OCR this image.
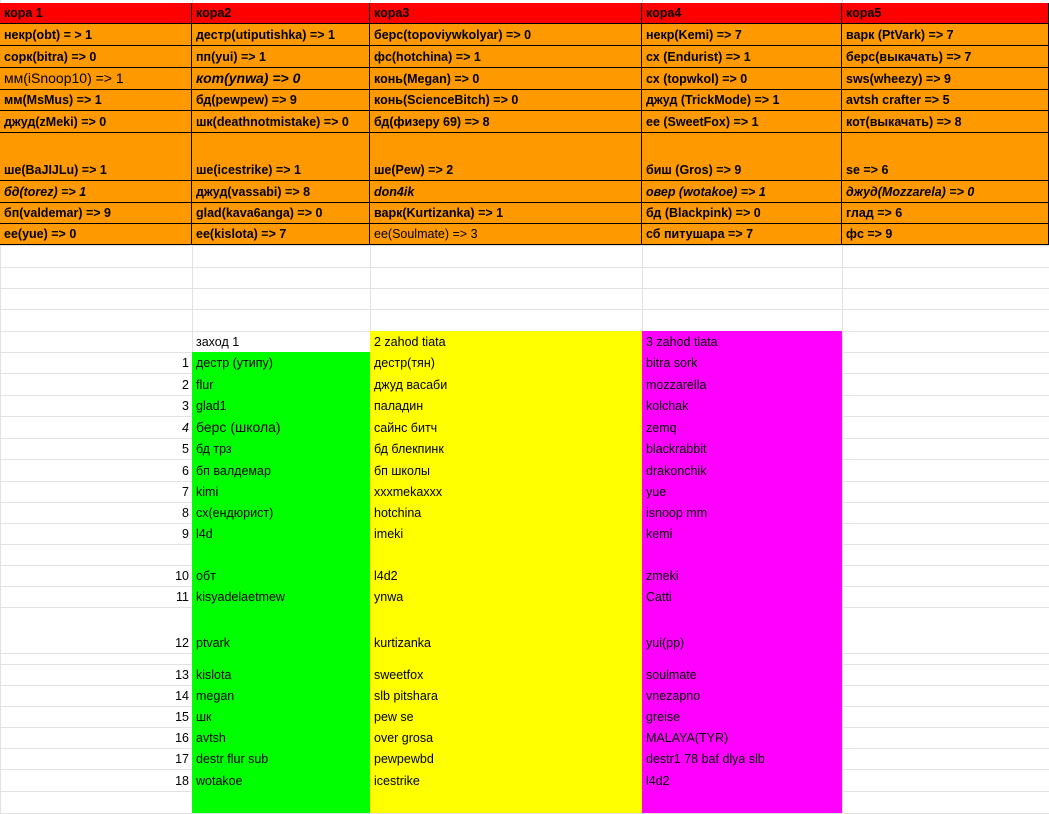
кора 1	кора2	кора3	кора4	кора5
некр(obt) = > 1	дестр(utiputishka) => 1	берс(topoviywkolyar) => 0	некр(Kemi) => 7	варк (PtVark) => 7
сорк(bitra) => 0	пп(yui) => 1	фс(hotchina) => 1	сх (Endurist) => 1	берс(выкачать) => 7
мм(iSnoop10) => 1	кот(ynwa) => 0	конь(Megan) => 0	сх (topwkol) => 0	sws(wheezy) => 9
мм(MsMus) => 1	бд(pewpew) => 9	конь(ScienceBitch) => 0	джуд (TrickMode) => 1	avtsh crafter => 5
джуд(zMeki) => 0	шк(deathnotmistake) => 0	бд(физеру 69) => 8	ее (SweetFox) => 1	кот(выкачать) => 8
ше(BaJIJLu) => 1	ше(icestrike) => 1	ше(Pew) => 2	биш (Gros) => 9	se => 6
бд(torez) => 1	джуд(vassabi) => 8	don4ik	овер (wotakoe) => 1	джуд(Mozzarela) => 0
бп(valdemar) => 9	glad(kava6anga) => 0	варк(Kurtizanka) => 1	бд (Blackpink) => 0	глад => 6
ее(yue) => 0	ее(kislota) => 7	ее(Soulmate) => 3	сб питушара => 7	фс => 9
заход 1	2 zahod tiata	3 zahod tiata
1 дестр (утипу)	дестр(тян)	bitra sork
2 flur	джуд васаби	mozzarella
3 glad1	паладин	kolchak
4 берс (школа)	сайнс битч	zemq
5 бд трз	бд блекпинк	blackrabbit
6 бп валдемар	бп школы	drakonchik
7 kimi	xxxmekaxxx	yue
8 сх(ендюрист)	hotchina	isnoop mm
9 l4d	imeki	kemi
10 обт	l4d2	zmeki
11 kisyadelaetmew	ynwa	Catti
12 ptvark	kurtizanka	yui(pp)
13 kislota	sweetfox	soulmate
14 megan	slb pitshara	vnezapno
15 шк	pew se	greise
16 avtsh	over grosa	MALAYA(TYR)
17 destr flur sub	pewpewbd	destr1 78 baf dlya slb
18 wotakoe	icestrike	l4d2
